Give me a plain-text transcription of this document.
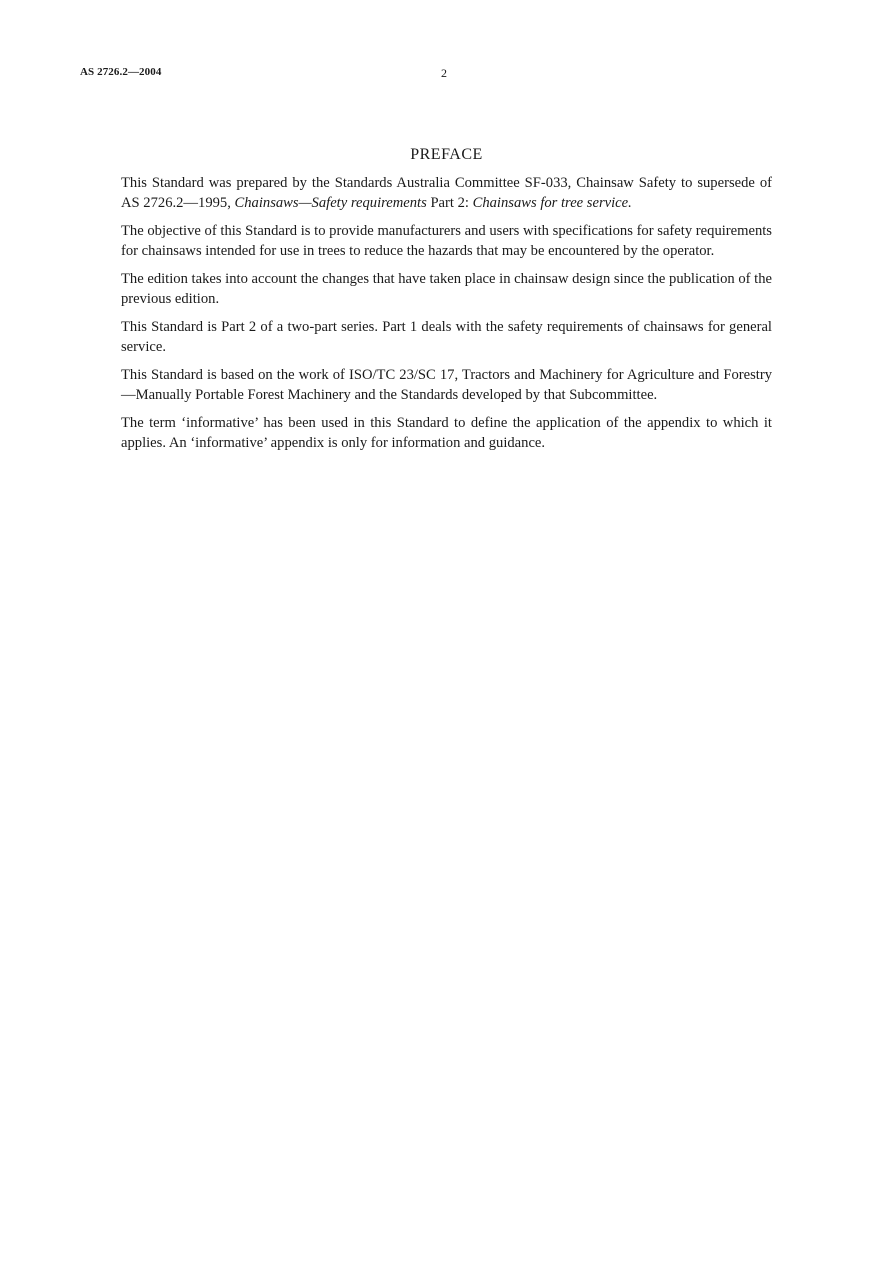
AS 2726.2—2004	2
PREFACE

This Standard was prepared by the Standards Australia Committee SF-033, Chainsaw Safety to supersede of AS 2726.2—1995, Chainsaws—Safety requirements Part 2: Chainsaws for tree service.

The objective of this Standard is to provide manufacturers and users with specifications for safety requirements for chainsaws intended for use in trees to reduce the hazards that may be encountered by the operator.

The edition takes into account the changes that have taken place in chainsaw design since the publication of the previous edition.

This Standard is Part 2 of a two-part series. Part 1 deals with the safety requirements of chainsaws for general service.

This Standard is based on the work of ISO/TC 23/SC 17, Tractors and Machinery for Agriculture and Forestry—Manually Portable Forest Machinery and the Standards developed by that Subcommittee.

The term ‘informative’ has been used in this Standard to define the application of the appendix to which it applies. An ‘informative’ appendix is only for information and guidance.
